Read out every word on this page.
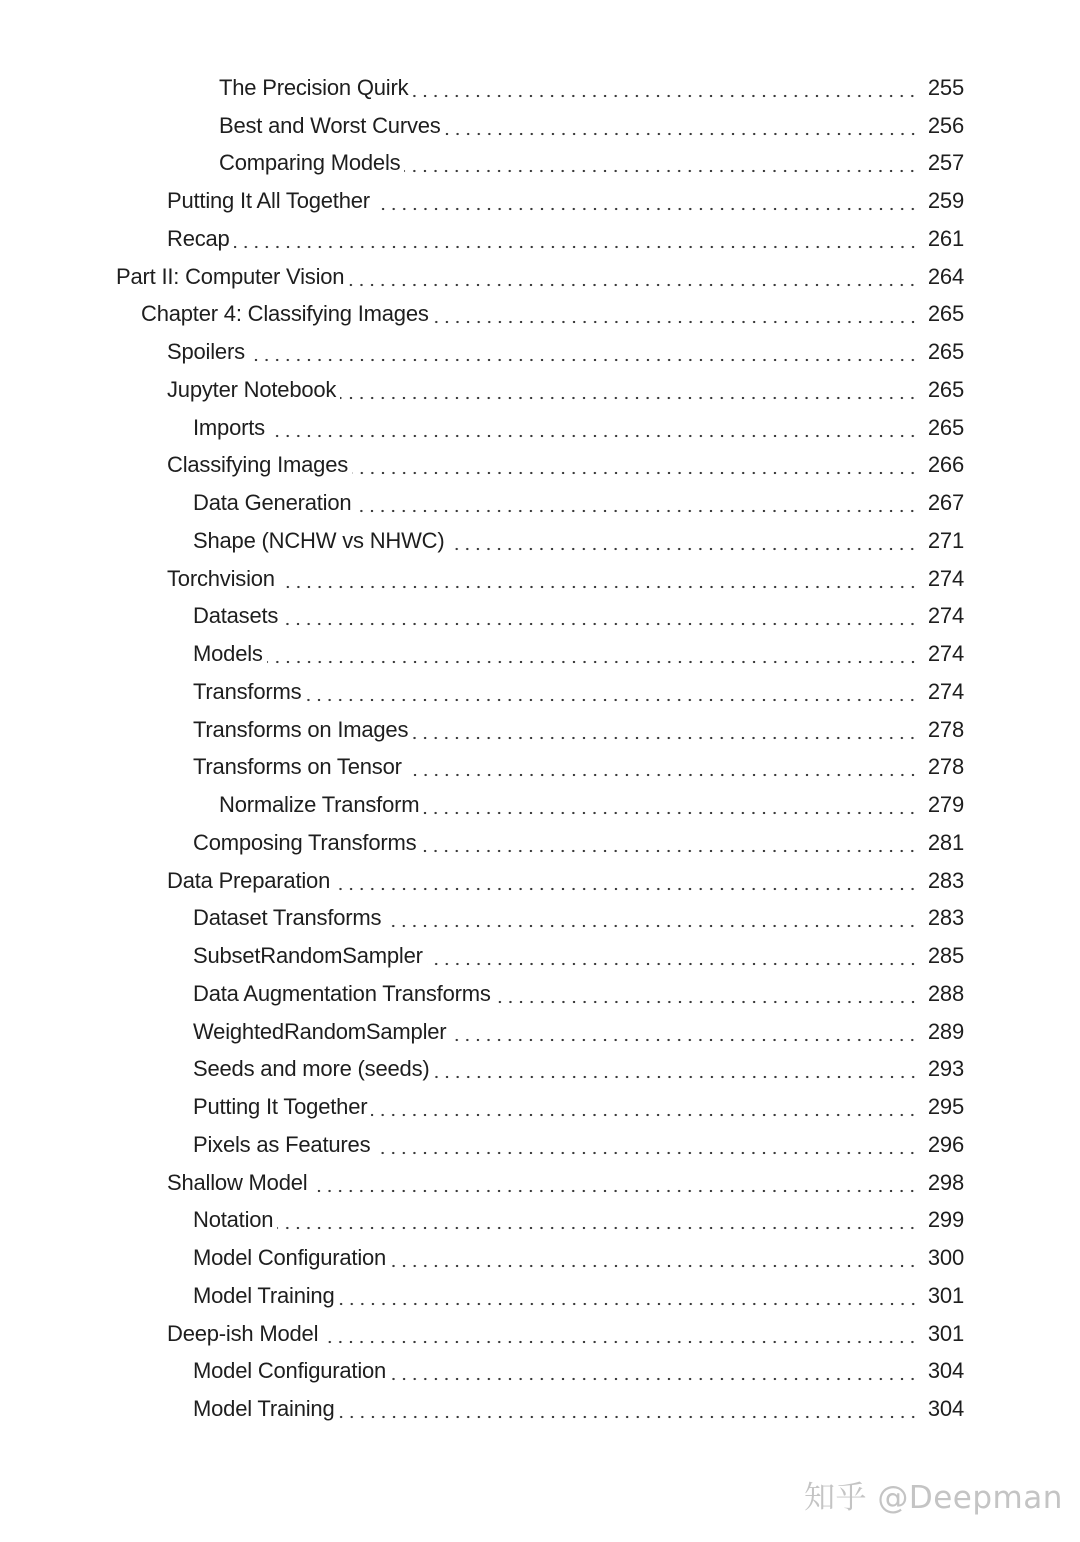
The Precision Quirk	255
Best and Worst Curves	256
Comparing Models	257
Putting It All Together	259
Recap	261
Part II: Computer Vision	264
Chapter 4: Classifying Images	265
Spoilers	265
Jupyter Notebook	265
Imports	265
Classifying Images	266
Data Generation	267
Shape (NCHW vs NHWC)	271
Torchvision	274
Datasets	274
Models	274
Transforms	274
Transforms on Images	278
Transforms on Tensor	278
Normalize Transform	279
Composing Transforms	281
Data Preparation	283
Dataset Transforms	283
SubsetRandomSampler	285
Data Augmentation Transforms	288
WeightedRandomSampler	289
Seeds and more (seeds)	293
Putting It Together	295
Pixels as Features	296
Shallow Model	298
Notation	299
Model Configuration	300
Model Training	301
Deep-ish Model	301
Model Configuration	304
Model Training	304
知乎 @Deepman
